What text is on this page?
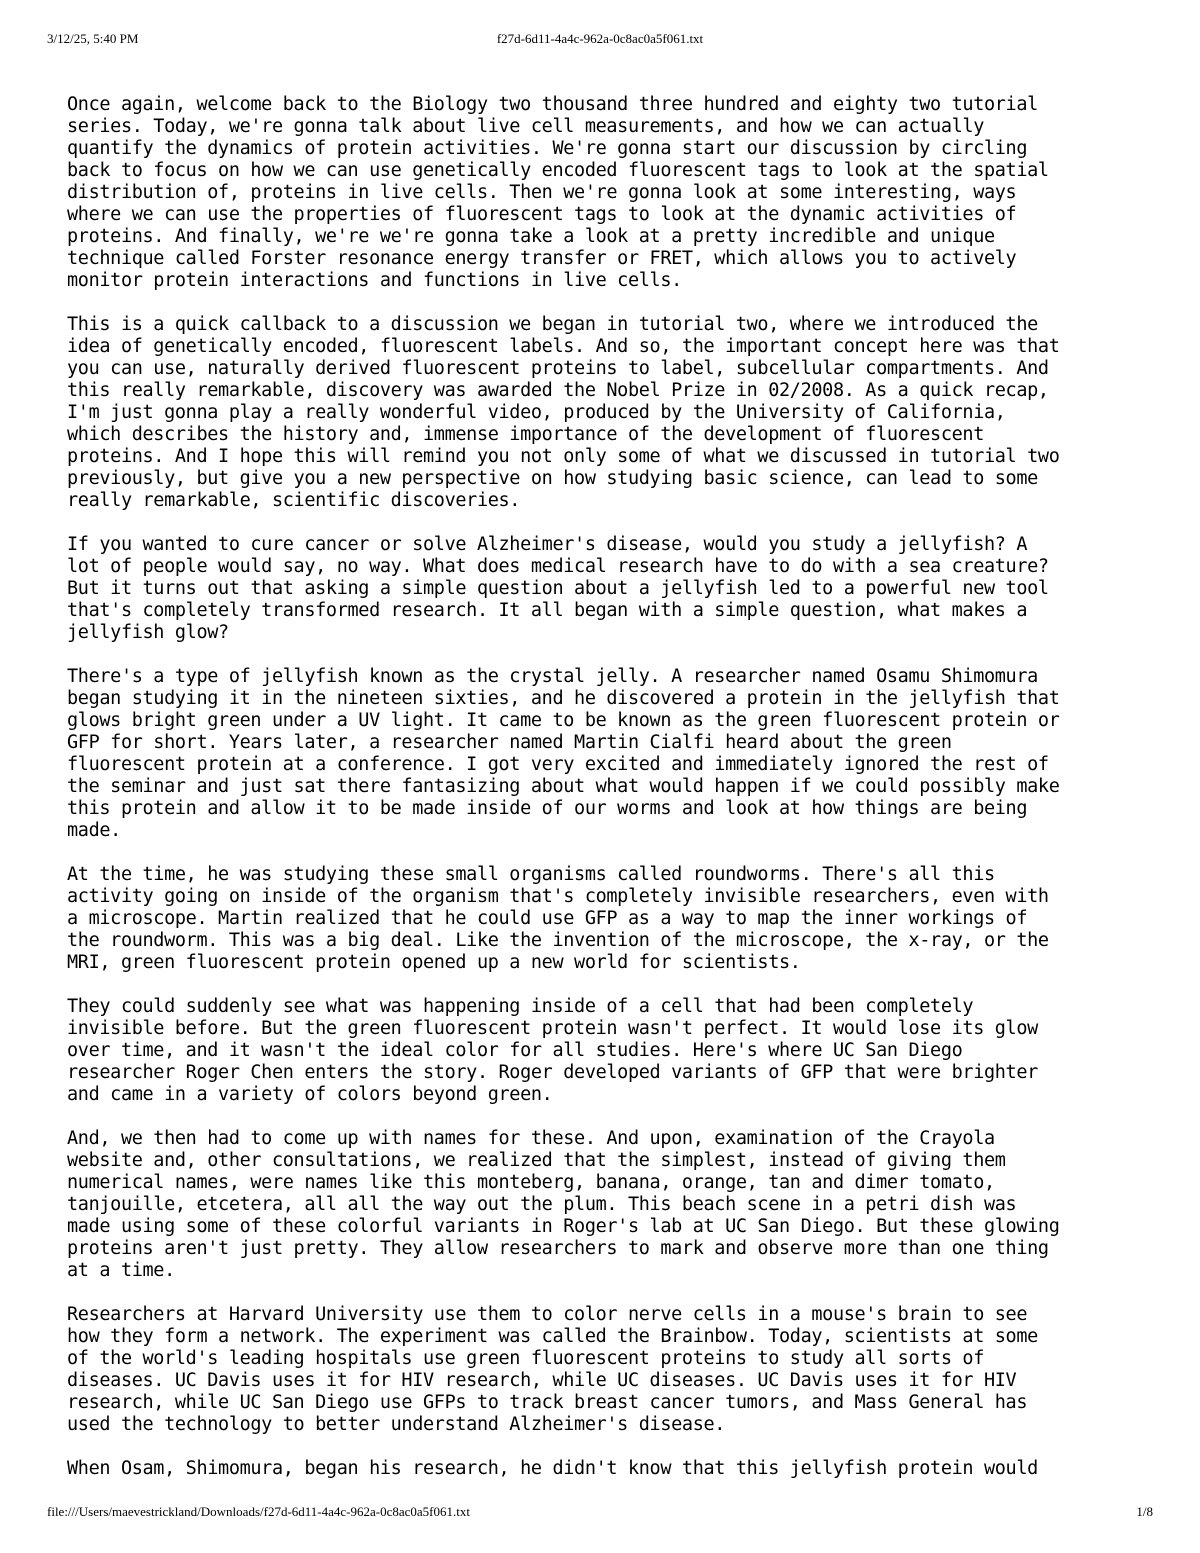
3/12/25, 5:40 PM	f27d-6d11-4a4c-962a-0c8ac0a5f061.txt
Once again, welcome back to the Biology two thousand three hundred and eighty two tutorial
series. Today, we're gonna talk about live cell measurements, and how we can actually
quantify the dynamics of protein activities. We're gonna start our discussion by circling
back to focus on how we can use genetically encoded fluorescent tags to look at the spatial
distribution of, proteins in live cells. Then we're gonna look at some interesting, ways
where we can use the properties of fluorescent tags to look at the dynamic activities of
proteins. And finally, we're we're gonna take a look at a pretty incredible and unique
technique called Forster resonance energy transfer or FRET, which allows you to actively
monitor protein interactions and functions in live cells.
This is a quick callback to a discussion we began in tutorial two, where we introduced the
idea of genetically encoded, fluorescent labels. And so, the important concept here was that
you can use, naturally derived fluorescent proteins to label, subcellular compartments. And
this really remarkable, discovery was awarded the Nobel Prize in 02/2008. As a quick recap,
I'm just gonna play a really wonderful video, produced by the University of California,
which describes the history and, immense importance of the development of fluorescent
proteins. And I hope this will remind you not only some of what we discussed in tutorial two
previously, but give you a new perspective on how studying basic science, can lead to some
really remarkable, scientific discoveries.
If you wanted to cure cancer or solve Alzheimer's disease, would you study a jellyfish? A
lot of people would say, no way. What does medical research have to do with a sea creature?
But it turns out that asking a simple question about a jellyfish led to a powerful new tool
that's completely transformed research. It all began with a simple question, what makes a
jellyfish glow?
There's a type of jellyfish known as the crystal jelly. A researcher named Osamu Shimomura
began studying it in the nineteen sixties, and he discovered a protein in the jellyfish that
glows bright green under a UV light. It came to be known as the green fluorescent protein or
GFP for short. Years later, a researcher named Martin Cialfi heard about the green
fluorescent protein at a conference. I got very excited and immediately ignored the rest of
the seminar and just sat there fantasizing about what would happen if we could possibly make
this protein and allow it to be made inside of our worms and look at how things are being
made.
At the time, he was studying these small organisms called roundworms. There's all this
activity going on inside of the organism that's completely invisible researchers, even with
a microscope. Martin realized that he could use GFP as a way to map the inner workings of
the roundworm. This was a big deal. Like the invention of the microscope, the x-ray, or the
MRI, green fluorescent protein opened up a new world for scientists.
They could suddenly see what was happening inside of a cell that had been completely
invisible before. But the green fluorescent protein wasn't perfect. It would lose its glow
over time, and it wasn't the ideal color for all studies. Here's where UC San Diego
researcher Roger Chen enters the story. Roger developed variants of GFP that were brighter
and came in a variety of colors beyond green.
And, we then had to come up with names for these. And upon, examination of the Crayola
website and, other consultations, we realized that the simplest, instead of giving them
numerical names, were names like this monteberg, banana, orange, tan and dimer tomato,
tanjouille, etcetera, all all the way out the plum. This beach scene in a petri dish was
made using some of these colorful variants in Roger's lab at UC San Diego. But these glowing
proteins aren't just pretty. They allow researchers to mark and observe more than one thing
at a time.
Researchers at Harvard University use them to color nerve cells in a mouse's brain to see
how they form a network. The experiment was called the Brainbow. Today, scientists at some
of the world's leading hospitals use green fluorescent proteins to study all sorts of
diseases. UC Davis uses it for HIV research, while UC diseases. UC Davis uses it for HIV
research, while UC San Diego use GFPs to track breast cancer tumors, and Mass General has
used the technology to better understand Alzheimer's disease.
When Osam, Shimomura, began his research, he didn't know that this jellyfish protein would
file:///Users/maevestrickland/Downloads/f27d-6d11-4a4c-962a-0c8ac0a5f061.txt	1/8
